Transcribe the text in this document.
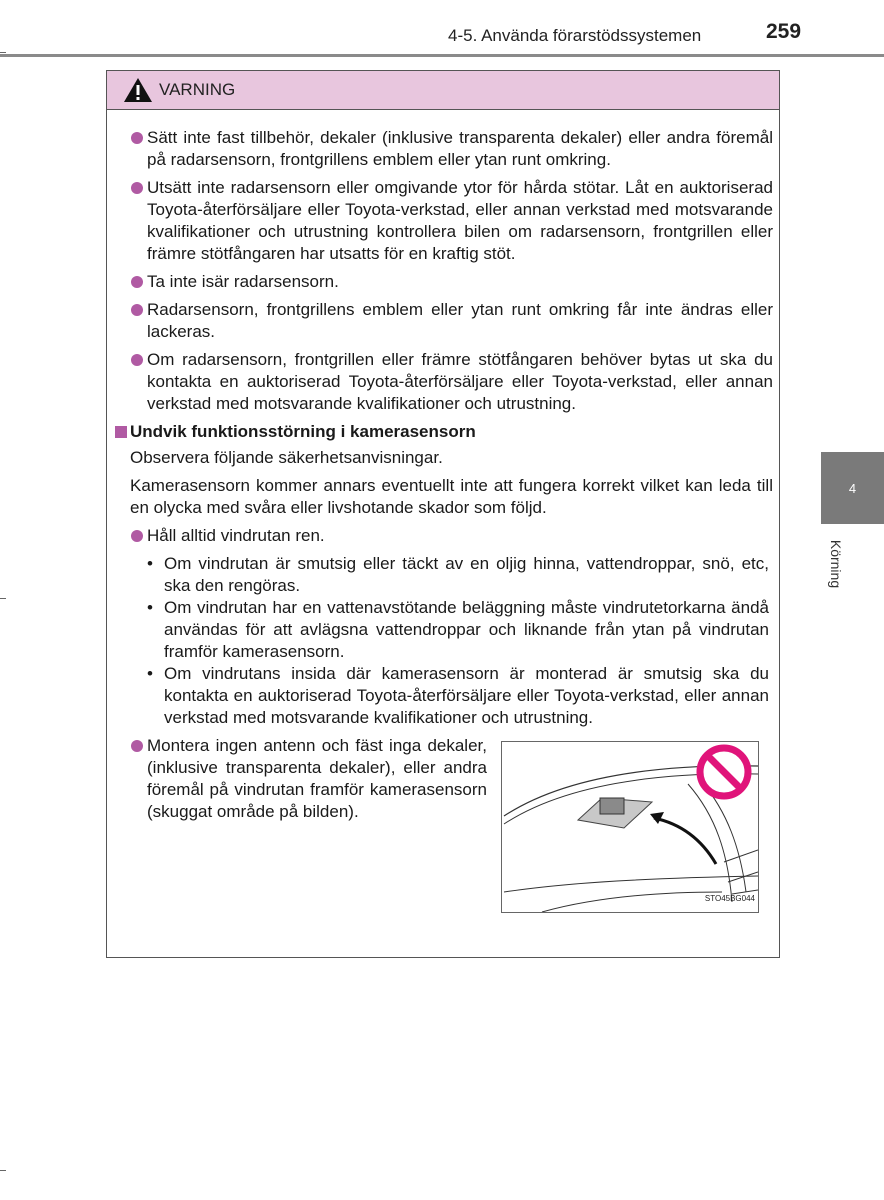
4-5. Använda förarstödssystemen	259
4
Körning
VARNING
Sätt inte fast tillbehör, dekaler (inklusive transparenta dekaler) eller andra föremål på radarsensorn, frontgrillens emblem eller ytan runt omkring.
Utsätt inte radarsensorn eller omgivande ytor för hårda stötar. Låt en auktoriserad Toyota-återförsäljare eller Toyota-verkstad, eller annan verkstad med motsvarande kvalifikationer och utrustning kontrollera bilen om radarsensorn, frontgrillen eller främre stötfångaren har utsatts för en kraftig stöt.
Ta inte isär radarsensorn.
Radarsensorn, frontgrillens emblem eller ytan runt omkring får inte ändras eller lackeras.
Om radarsensorn, frontgrillen eller främre stötfångaren behöver bytas ut ska du kontakta en auktoriserad Toyota-återförsäljare eller Toyota-verkstad, eller annan verkstad med motsvarande kvalifikationer och utrustning.
Undvik funktionsstörning i kamerasensorn
Observera följande säkerhetsanvisningar.
Kamerasensorn kommer annars eventuellt inte att fungera korrekt vilket kan leda till en olycka med svåra eller livshotande skador som följd.
Håll alltid vindrutan ren.
• Om vindrutan är smutsig eller täckt av en oljig hinna, vattendroppar, snö, etc, ska den rengöras.
• Om vindrutan har en vattenavstötande beläggning måste vindrutetorkarna ändå användas för att avlägsna vattendroppar och liknande från ytan på vindrutan framför kamerasensorn.
• Om vindrutans insida där kamerasensorn är monterad är smutsig ska du kontakta en auktoriserad Toyota-återförsäljare eller Toyota-verkstad, eller annan verkstad med motsvarande kvalifikationer och utrustning.
Montera ingen antenn och fäst inga dekaler, (inklusive transparenta dekaler), eller andra föremål på vindrutan framför kamerasensorn (skuggat område på bilden).
STO45BG044
